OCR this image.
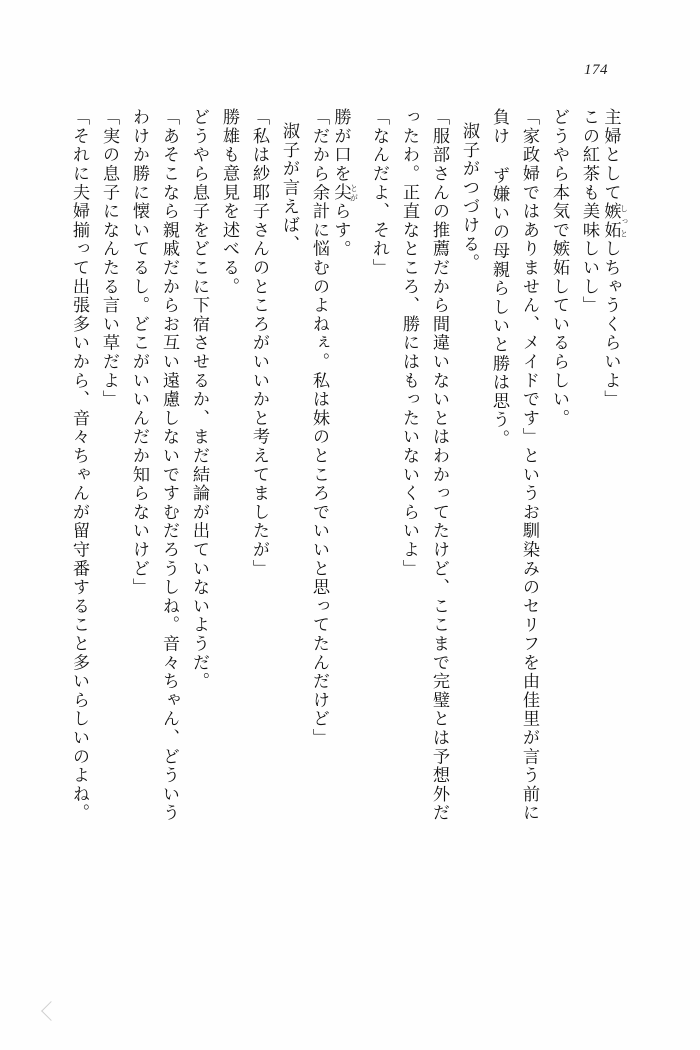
174
主婦として嫉妬 しっとしちゃうくらいよ」
この紅茶も美味しいし」
どうやら本気で嫉妬しているらしい。
「家政婦ではありません、メイドです」というお馴染みのセリフを由佳里が言う前に
負け ず嫌いの母親らしいと勝は思う。
淑子がつづける。
「服部さんの推薦だから間違いないとはわかってたけど、ここまで完璧とは予想外だ
ったわ。正直なところ、勝にはもったいないくらいよ」
「なんだよ、それ」
勝が口を尖 とがらす。
「だから余計に悩むのよねぇ。私は妹のところでいいと思ってたんだけど」
淑子が言えば、
「私は紗耶子さんのところがいいかと考えてましたが」
勝雄も意見を述べる。
どうやら息子をどこに下宿させるか、まだ結論が出ていないようだ。
「あそこなら親戚だからお互い遠慮しないですむだろうしね。音々ちゃん、どういう
わけか勝に懐いてるし。どこがいいんだか知らないけど」
「実の息子になんたる言い草だよ」
「それに夫婦揃って出張多いから、音々ちゃんが留守番すること多いらしいのよね。
